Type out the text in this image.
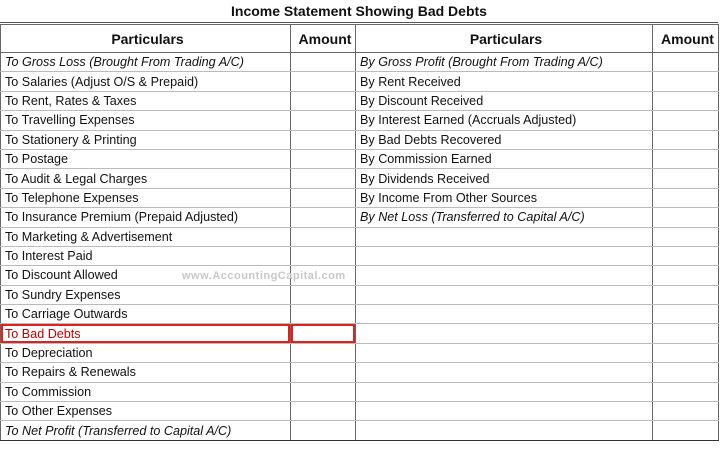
Income Statement Showing Bad Debts
Particulars	Amount	Particulars	Amount
To Gross Loss (Brought From Trading A/C)		By Gross Profit (Brought From Trading A/C)	
To Salaries (Adjust O/S & Prepaid)		By Rent Received	
To Rent, Rates & Taxes		By Discount Received	
To Travelling Expenses		By Interest Earned (Accruals Adjusted)	
To Stationery & Printing		By Bad Debts Recovered	
To Postage		By Commission Earned	
To Audit & Legal Charges		By Dividends Received	
To Telephone Expenses		By Income From Other Sources	
To Insurance Premium (Prepaid Adjusted)		By Net Loss (Transferred to Capital A/C)	
To Marketing & Advertisement			
To Interest Paid			
To Discount Allowed			
To Sundry Expenses			
To Carriage Outwards			
To Bad Debts			
To Depreciation			
To Repairs & Renewals			
To Commission			
To Other Expenses			
To Net Profit (Transferred to Capital A/C)			
www.AccountingCapital.com
